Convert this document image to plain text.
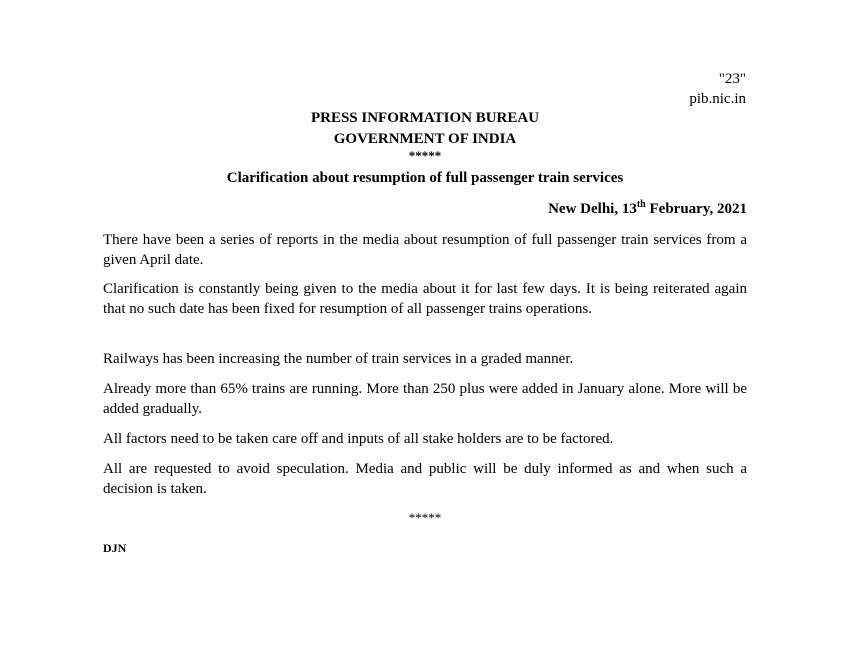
"23"
pib.nic.in
PRESS INFORMATION BUREAU
GOVERNMENT OF INDIA
*****
Clarification about resumption of full passenger train services
New Delhi, 13th February, 2021
There have been a series of reports in the media about resumption of full passenger train services from a given April date.
Clarification is constantly being given to the media about it for last few days. It is being reiterated again that no such date has been fixed for resumption of all passenger trains operations.
Railways has been increasing the number of train services in a graded manner.
Already more than 65% trains are running. More than 250 plus were added in January alone. More will be added gradually.
All factors need to be taken care off and inputs of all stake holders are to be factored.
All are requested to avoid speculation. Media and public will be duly informed as and when such a decision is taken.
*****
DJN
